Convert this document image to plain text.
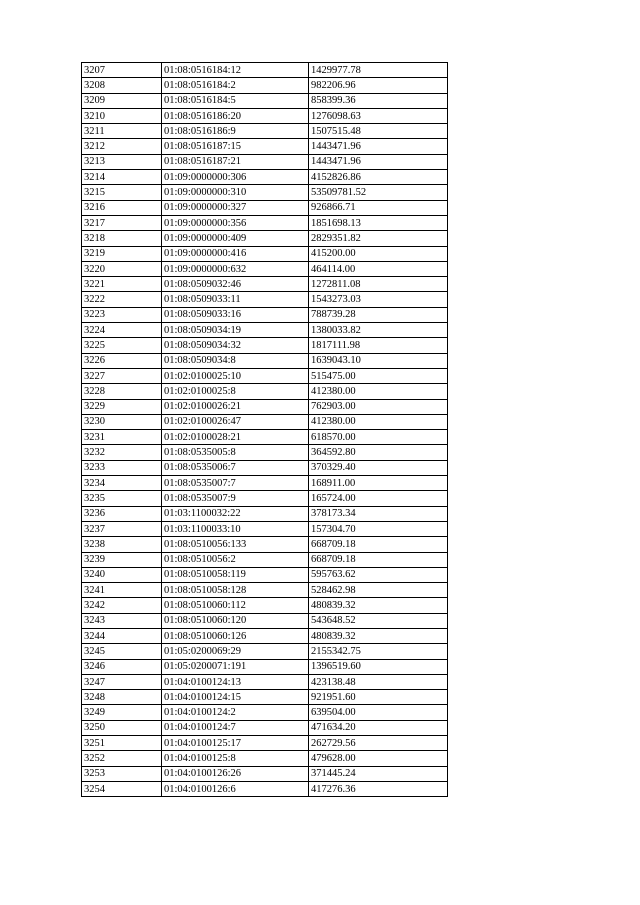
3207	01:08:0516184:12	1429977.78
3208	01:08:0516184:2	982206.96
3209	01:08:0516184:5	858399.36
3210	01:08:0516186:20	1276098.63
3211	01:08:0516186:9	1507515.48
3212	01:08:0516187:15	1443471.96
3213	01:08:0516187:21	1443471.96
3214	01:09:0000000:306	4152826.86
3215	01:09:0000000:310	53509781.52
3216	01:09:0000000:327	926866.71
3217	01:09:0000000:356	1851698.13
3218	01:09:0000000:409	2829351.82
3219	01:09:0000000:416	415200.00
3220	01:09:0000000:632	464114.00
3221	01:08:0509032:46	1272811.08
3222	01:08:0509033:11	1543273.03
3223	01:08:0509033:16	788739.28
3224	01:08:0509034:19	1380033.82
3225	01:08:0509034:32	1817111.98
3226	01:08:0509034:8	1639043.10
3227	01:02:0100025:10	515475.00
3228	01:02:0100025:8	412380.00
3229	01:02:0100026:21	762903.00
3230	01:02:0100026:47	412380.00
3231	01:02:0100028:21	618570.00
3232	01:08:0535005:8	364592.80
3233	01:08:0535006:7	370329.40
3234	01:08:0535007:7	168911.00
3235	01:08:0535007:9	165724.00
3236	01:03:1100032:22	378173.34
3237	01:03:1100033:10	157304.70
3238	01:08:0510056:133	668709.18
3239	01:08:0510056:2	668709.18
3240	01:08:0510058:119	595763.62
3241	01:08:0510058:128	528462.98
3242	01:08:0510060:112	480839.32
3243	01:08:0510060:120	543648.52
3244	01:08:0510060:126	480839.32
3245	01:05:0200069:29	2155342.75
3246	01:05:0200071:191	1396519.60
3247	01:04:0100124:13	423138.48
3248	01:04:0100124:15	921951.60
3249	01:04:0100124:2	639504.00
3250	01:04:0100124:7	471634.20
3251	01:04:0100125:17	262729.56
3252	01:04:0100125:8	479628.00
3253	01:04:0100126:26	371445.24
3254	01:04:0100126:6	417276.36
